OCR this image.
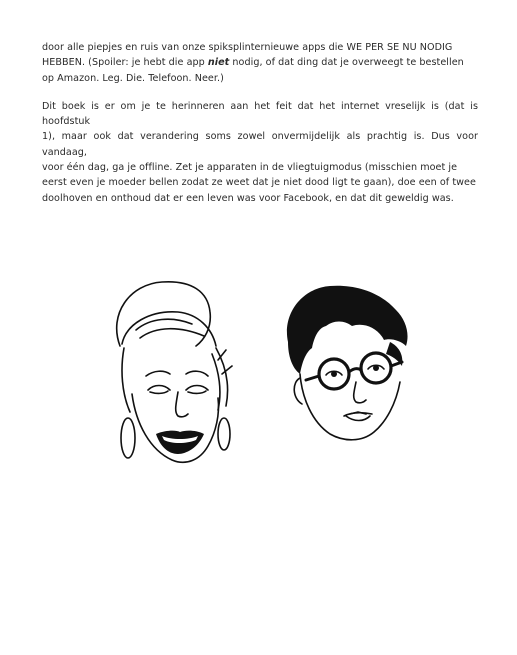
door alle piepjes en ruis van onze spiksplinternieuwe apps die WE PER SE NU NODIG
HEBBEN. (Spoiler: je hebt die app niet nodig, of dat ding dat je overweegt te bestellen
op Amazon. Leg. Die. Telefoon. Neer.)

Dit boek is er om je te herinneren aan het feit dat het internet vreselijk is (dat is hoofdstuk
1), maar ook dat verandering soms zowel onvermijdelijk als prachtig is. Dus voor vandaag,
voor één dag, ga je offline. Zet je apparaten in de vliegtuigmodus (misschien moet je
eerst even je moeder bellen zodat ze weet dat je niet dood ligt te gaan), doe een of twee
doolhoven en onthoud dat er een leven was voor Facebook, en dat dit geweldig was.
